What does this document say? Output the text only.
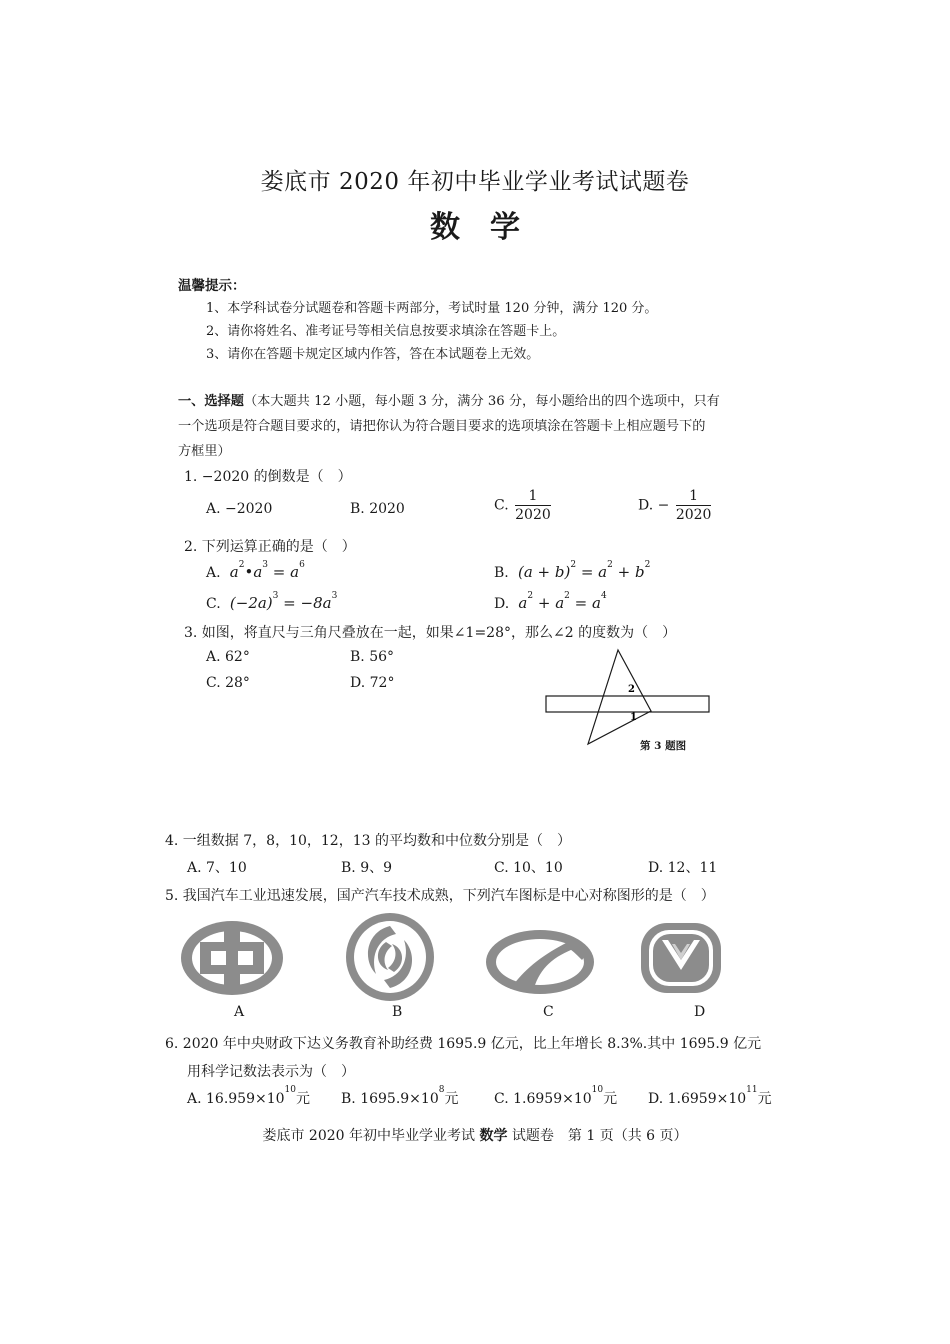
娄底市 2020 年初中毕业学业考试试题卷
数学
温馨提示：
1、本学科试卷分试题卷和答题卡两部分，考试时量 120 分钟，满分 120 分。
2、请你将姓名、准考证号等相关信息按要求填涂在答题卡上。
3、请你在答题卡规定区域内作答，答在本试题卷上无效。
一、选择题（本大题共 12 小题，每小题 3 分，满分 36 分，每小题给出的四个选项中，只有
一个选项是符合题目要求的，请把你认为符合题目要求的选项填涂在答题卡上相应题号下的
方框里）
1. −2020 的倒数是（　）
A. −2020	B. 2020	C. $\frac{1}{2020}$	D. − $\frac{1}{2020}$
2. 下列运算正确的是（　）
A.  $a^2•a^3 = a^6$	B.  $(a + b)^2 = a^2 + b^2$
C.  $(-2a)^3 = -8a^3$	D.  $a^2 + a^2 = a^4$
3. 如图，将直尺与三角尺叠放在一起，如果∠1=28°，那么∠2 的度数为（　）
A. 62°	B. 56°
C. 28°	D. 72°	2
1
第 3 题图
4. 一组数据 7，8，10，12，13 的平均数和中位数分别是（　）
A. 7、10	B. 9、9	C. 10、10	D. 12、11
5. 我国汽车工业迅速发展，国产汽车技术成熟，下列汽车图标是中心对称图形的是（　）
A	B	C	D
6. 2020 年中央财政下达义务教育补助经费 1695.9 亿元，比上年增长 8.3%.其中 1695.9 亿元
用科学记数法表示为（　）
A. $16.959\times 10^{10}$元 B. $1695.9\times 10^8$元	C. $1.6959\times 10^{10}$元 D. $1.6959\times 10^{11}$元
娄底市 2020 年初中毕业学业考试 数学 试题卷　第 1 页（共 6 页）
